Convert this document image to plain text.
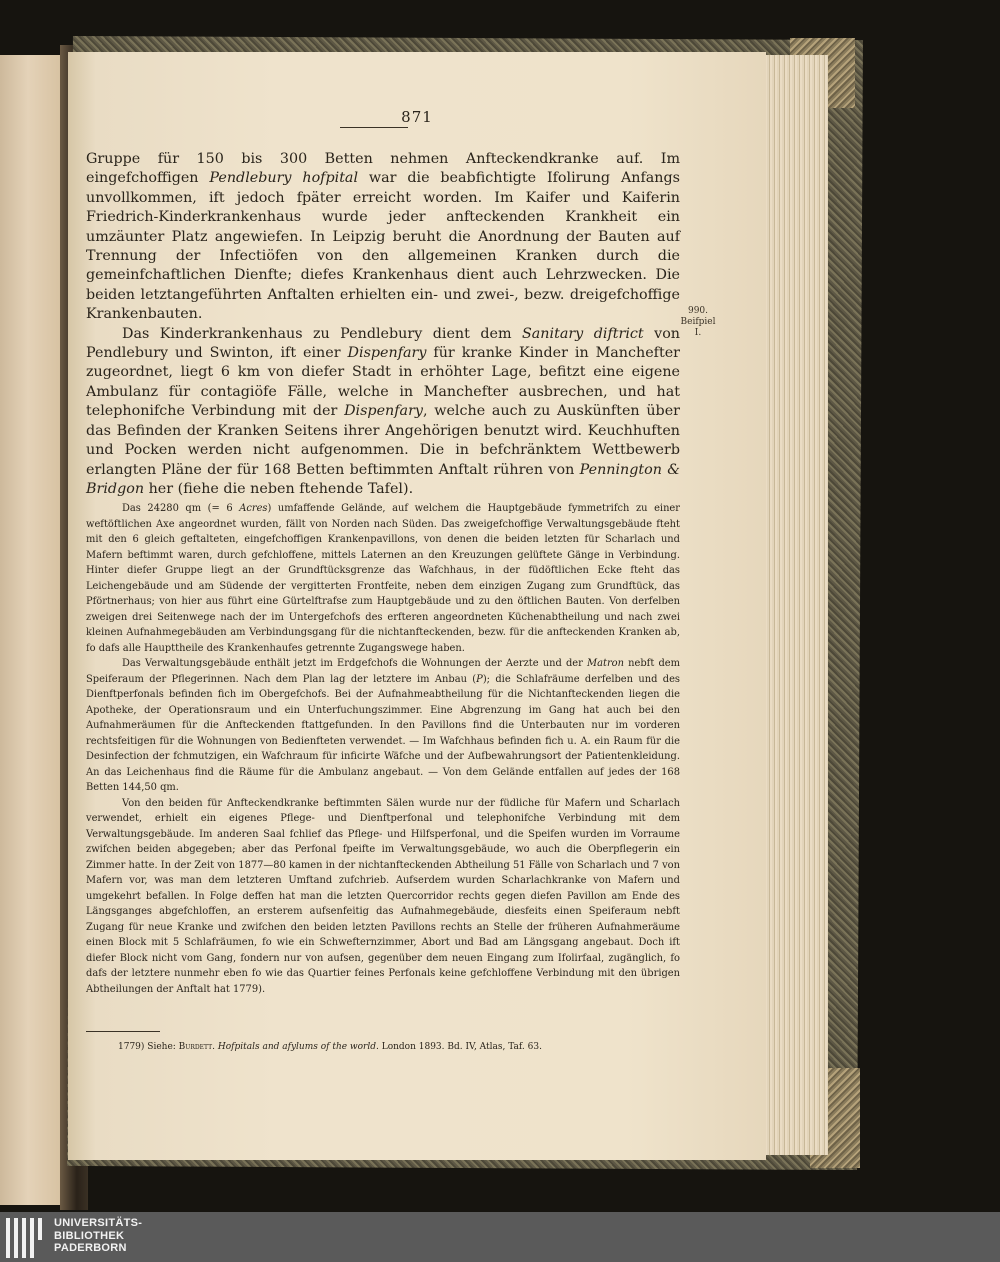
871
990.
Beifpiel
I.

Gruppe für 150 bis 300 Betten nehmen Anfteckendkranke auf. Im eingefchoffigen Pendlebury hofpital war die beabfichtigte Ifolirung Anfangs unvollkommen, ift jedoch fpäter erreicht worden. Im Kaifer und Kaiferin Friedrich-Kinderkrankenhaus wurde jeder anfteckenden Krankheit ein umzäunter Platz angewiefen. In Leipzig beruht die Anordnung der Bauten auf Trennung der Infectiöfen von den allgemeinen Kranken durch die gemeinfchaftlichen Dienfte; diefes Krankenhaus dient auch Lehrzwecken. Die beiden letztangeführten Anftalten erhielten ein- und zwei-, bezw. dreigefchoffige Krankenbauten.

Das Kinderkrankenhaus zu Pendlebury dient dem Sanitary diftrict von Pendlebury und Swinton, ift einer Dispenfary für kranke Kinder in Manchefter zugeordnet, liegt 6 km von diefer Stadt in erhöhter Lage, befitzt eine eigene Ambulanz für contagiöfe Fälle, welche in Manchefter ausbrechen, und hat telephonifche Verbindung mit der Dispenfary, welche auch zu Auskünften über das Befinden der Kranken Seitens ihrer Angehörigen benutzt wird. Keuchhuften und Pocken werden nicht aufgenommen. Die in befchränktem Wettbewerb erlangten Pläne der für 168 Betten beftimmten Anftalt rühren von Pennington & Bridgon her (fiehe die neben ftehende Tafel).

Das 24280 qm (= 6 Acres) umfaffende Gelände, auf welchem die Hauptgebäude fymmetrifch zu einer weftöftlichen Axe angeordnet wurden, fällt von Norden nach Süden. Das zweigefchoffige Verwaltungsgebäude fteht mit den 6 gleich geftalteten, eingefchoffigen Krankenpavillons, von denen die beiden letzten für Scharlach und Mafern beftimmt waren, durch gefchloffene, mittels Laternen an den Kreuzungen gelüftete Gänge in Verbindung. Hinter diefer Gruppe liegt an der Grundftücksgrenze das Wafchhaus, in der füdöftlichen Ecke fteht das Leichengebäude und am Südende der vergitterten Frontfeite, neben dem einzigen Zugang zum Grundftück, das Pförtnerhaus; von hier aus führt eine Gürtelftrafse zum Hauptgebäude und zu den öftlichen Bauten. Von derfelben zweigen drei Seitenwege nach der im Untergefchofs des erfteren angeordneten Küchenabtheilung und nach zwei kleinen Aufnahmegebäuden am Verbindungsgang für die nichtanfteckenden, bezw. für die anfteckenden Kranken ab, fo dafs alle Haupttheile des Krankenhaufes getrennte Zugangswege haben.

Das Verwaltungsgebäude enthält jetzt im Erdgefchofs die Wohnungen der Aerzte und der Matron nebft dem Speiferaum der Pflegerinnen. Nach dem Plan lag der letztere im Anbau (P); die Schlafräume derfelben und des Dienftperfonals befinden fich im Obergefchofs. Bei der Aufnahmeabtheilung für die Nichtanfteckenden liegen die Apotheke, der Operationsraum und ein Unterfuchungszimmer. Eine Abgrenzung im Gang hat auch bei den Aufnahmeräumen für die Anfteckenden ftattgefunden. In den Pavillons find die Unterbauten nur im vorderen rechtsfeitigen für die Wohnungen von Bedienfteten verwendet. — Im Wafchhaus befinden fich u. A. ein Raum für die Desinfection der fchmutzigen, ein Wafchraum für inficirte Wäfche und der Aufbewahrungsort der Patientenkleidung. An das Leichenhaus find die Räume für die Ambulanz angebaut. — Von dem Gelände entfallen auf jedes der 168 Betten 144,50 qm.

Von den beiden für Anfteckendkranke beftimmten Sälen wurde nur der füdliche für Mafern und Scharlach verwendet, erhielt ein eigenes Pflege- und Dienftperfonal und telephonifche Verbindung mit dem Verwaltungsgebäude. Im anderen Saal fchlief das Pflege- und Hilfsperfonal, und die Speifen wurden im Vorraume zwifchen beiden abgegeben; aber das Perfonal fpeifte im Verwaltungsgebäude, wo auch die Oberpflegerin ein Zimmer hatte. In der Zeit von 1877—80 kamen in der nichtanfteckenden Abtheilung 51 Fälle von Scharlach und 7 von Mafern vor, was man dem letzteren Umftand zufchrieb. Aufserdem wurden Scharlachkranke von Mafern und umgekehrt befallen. In Folge deffen hat man die letzten Quercorridor rechts gegen diefen Pavillon am Ende des Längsganges abgefchloffen, an ersterem aufsenfeitig das Aufnahmegebäude, diesfeits einen Speiferaum nebft Zugang für neue Kranke und zwifchen den beiden letzten Pavillons rechts an Stelle der früheren Aufnahmeräume einen Block mit 5 Schlafräumen, fo wie ein Schwefternzimmer, Abort und Bad am Längsgang angebaut. Doch ift diefer Block nicht vom Gang, fondern nur von aufsen, gegenüber dem neuen Eingang zum Ifolirfaal, zugänglich, fo dafs der letztere nunmehr eben fo wie das Quartier feines Perfonals keine gefchloffene Verbindung mit den übrigen Abtheilungen der Anftalt hat 1779).

1779) Siehe: Burdett. Hofpitals and afylums of the world. London 1893. Bd. IV, Atlas, Taf. 63.
UNIVERSITÄTS-
BIBLIOTHEK
PADERBORN
